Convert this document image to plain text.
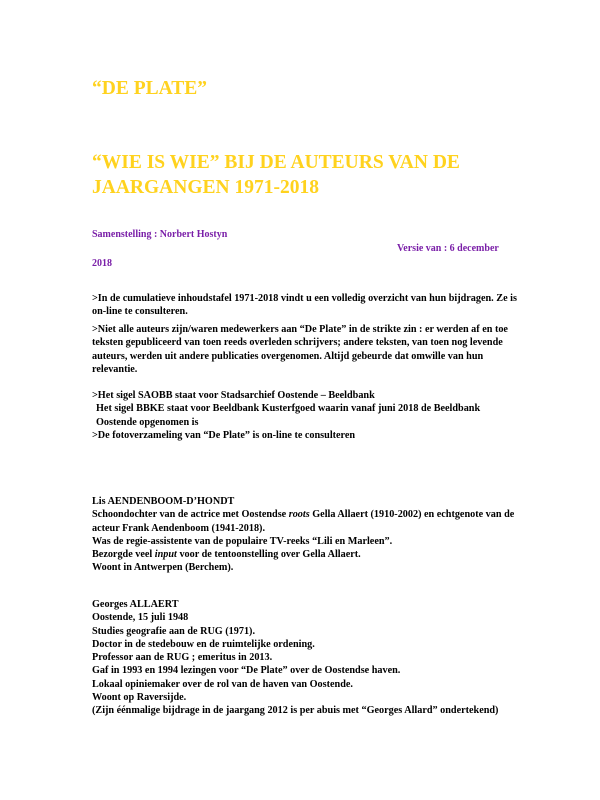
“DE PLATE”
“WIE IS WIE” BIJ DE AUTEURS VAN DE JAARGANGEN 1971-2018
Samenstelling : Norbert Hostyn
Versie van : 6 december
2018

>In de cumulatieve inhoudstafel 1971-2018 vindt u een volledig overzicht van hun bijdragen. Ze is on-line te consulteren.

>Niet alle auteurs zijn/waren medewerkers aan “De Plate” in de strikte zin : er werden af en toe teksten gepubliceerd van toen reeds overleden schrijvers; andere teksten, van toen nog levende auteurs, werden uit andere publicaties overgenomen. Altijd gebeurde dat omwille van hun relevantie.

>Het sigel SAOBB staat voor Stadsarchief Oostende – Beeldbank

Het sigel BBKE staat voor Beeldbank Kusterfgoed waarin vanaf juni 2018 de Beeldbank Oostende opgenomen is

>De fotoverzameling van “De Plate” is on-line te consulteren

Lis AENDENBOOM-D’HONDT

Schoondochter van de actrice met Oostendse roots Gella Allaert (1910-2002) en echtgenote van de acteur Frank Aendenboom (1941-2018).

Was de regie-assistente van de populaire TV-reeks “Lili en Marleen”.

Bezorgde veel input voor de tentoonstelling over Gella Allaert.

Woont in Antwerpen (Berchem).

Georges ALLAERT

Oostende, 15 juli 1948

Studies geografie aan de RUG (1971).

Doctor in de stedebouw en de ruimtelijke ordening.

Professor aan de RUG ; emeritus in 2013.

Gaf in 1993 en 1994 lezingen voor “De Plate” over de Oostendse haven.

Lokaal opiniemaker over de rol van de haven van Oostende.

Woont op Raversijde.

(Zijn éénmalige bijdrage in de jaargang 2012 is per abuis met “Georges Allard” ondertekend)
